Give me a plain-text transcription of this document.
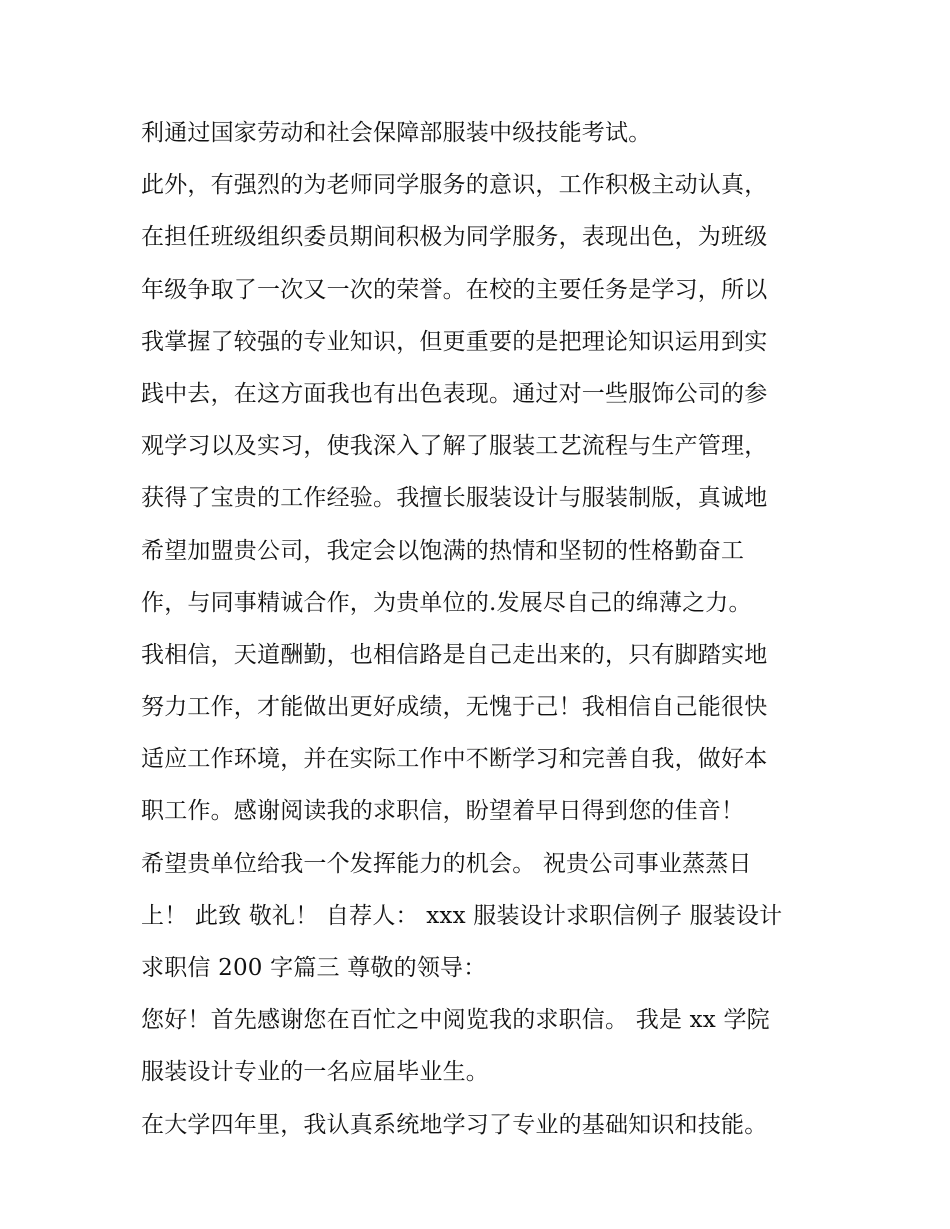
利通过国家劳动和社会保障部服装中级技能考试。
此外，有强烈的为老师同学服务的意识，工作积极主动认真，
在担任班级组织委员期间积极为同学服务，表现出色，为班级
年级争取了一次又一次的荣誉。在校的主要任务是学习，所以
我掌握了较强的专业知识，但更重要的是把理论知识运用到实
践中去，在这方面我也有出色表现。通过对一些服饰公司的参
观学习以及实习，使我深入了解了服装工艺流程与生产管理，
获得了宝贵的工作经验。我擅长服装设计与服装制版，真诚地
希望加盟贵公司，我定会以饱满的热情和坚韧的性格勤奋工
作，与同事精诚合作，为贵单位的.发展尽自己的绵薄之力。
我相信，天道酬勤，也相信路是自己走出来的，只有脚踏实地
努力工作，才能做出更好成绩，无愧于己！我相信自己能很快
适应工作环境，并在实际工作中不断学习和完善自我，做好本
职工作。感谢阅读我的求职信，盼望着早日得到您的佳音！
希望贵单位给我一个发挥能力的机会。 祝贵公司事业蒸蒸日
上！ 此致 敬礼！ 自荐人： xxx 服装设计求职信例子 服装设计
求职信 200 字篇三 尊敬的领导：
您好！首先感谢您在百忙之中阅览我的求职信。 我是 xx 学院
服装设计专业的一名应届毕业生。
在大学四年里，我认真系统地学习了专业的基础知识和技能。
